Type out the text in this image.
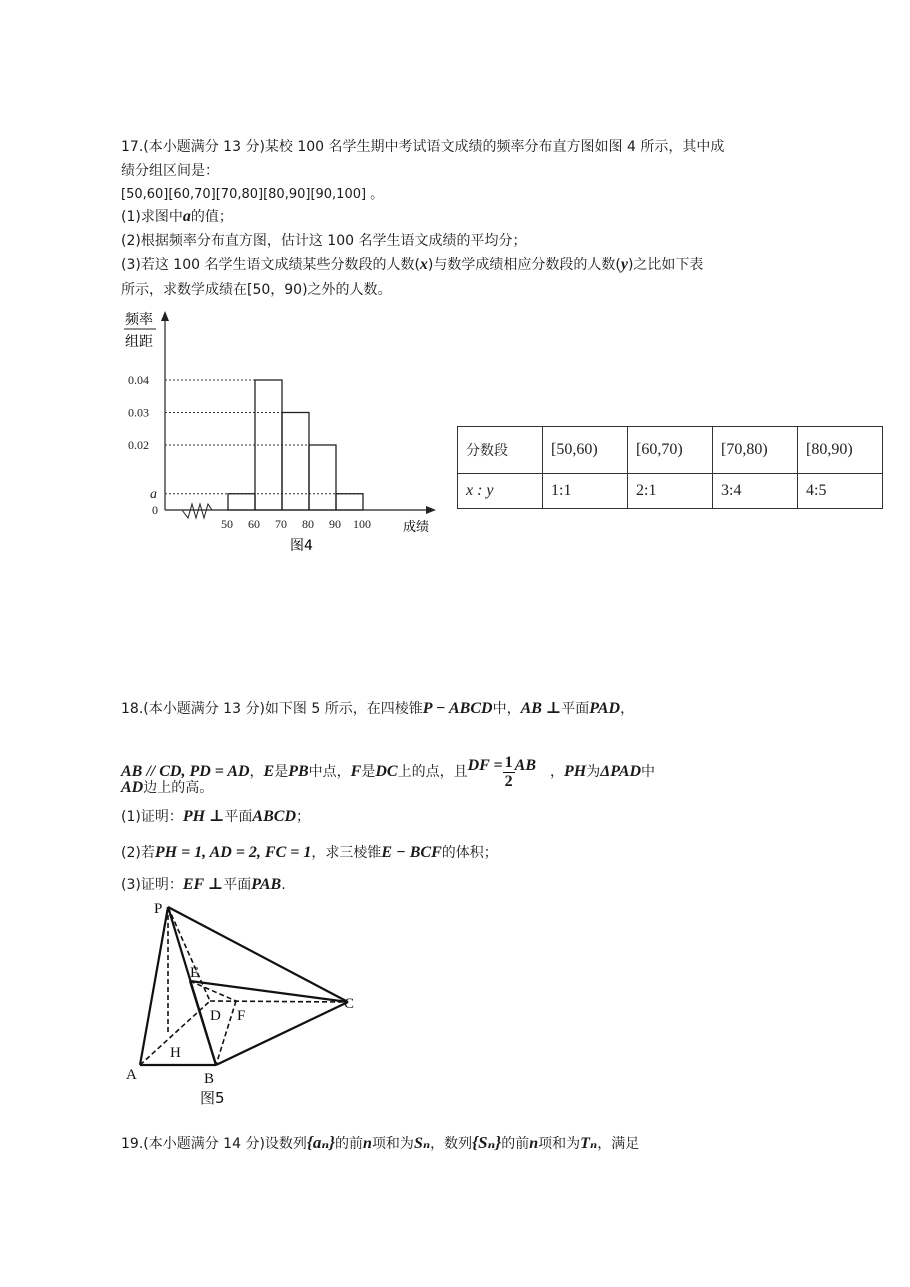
17.(本小题满分 13 分)某校 100 名学生期中考试语文成绩的频率分布直方图如图 4 所示，其中成
绩分组区间是：
[50,60][60,70][70,80][80,90][90,100] 。
(1)求图中a的值；
(2)根据频率分布直方图，估计这 100 名学生语文成绩的平均分；
(3)若这 100 名学生语文成绩某些分数段的人数(x)与数学成绩相应分数段的人数(y)之比如下表
所示，求数学成绩在[50，90)之外的人数。
频率
组距
0.04
0.03
0.02
a
0
50 60 70 80 90 100 成绩
图4
分数段	[50,60)	[60,70)	[70,80)	[80,90)
x : y	1:1	2:1	3:4	4:5
18.(本小题满分 13 分)如下图 5 所示，在四棱锥P − ABCD中，AB ⊥平面PAD，
AB // CD, PD = AD，E是PB中点，F是DC上的点，且DF = $\frac{1}{2}$ AB ，PH为ΔPAD中
AD边上的高。
(1)证明：PH ⊥平面ABCD；
(2)若PH = 1, AD = 2, FC = 1，求三棱锥E − BCF的体积；
(3)证明：EF ⊥平面PAB.
P
E
D F
C
H
A	B
图5
19.(本小题满分 14 分)设数列{aₙ}的前n项和为Sₙ，数列{Sₙ}的前n项和为Tₙ，满足
